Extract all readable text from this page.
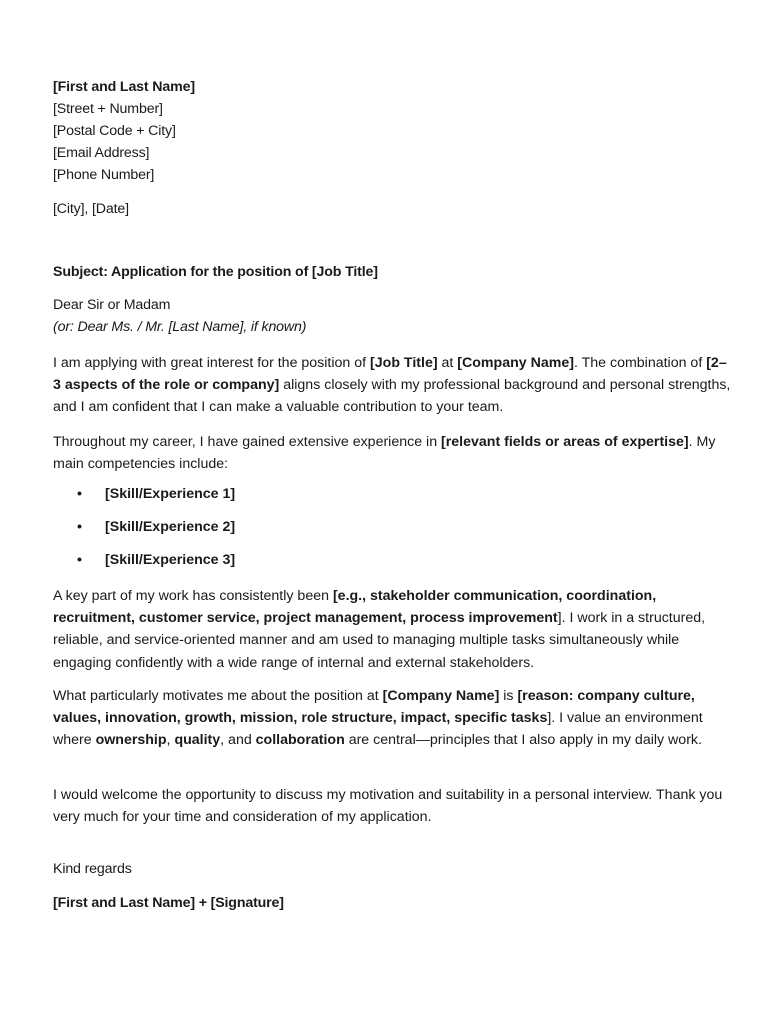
[First and Last Name]
[Street + Number]
[Postal Code + City]
[Email Address]
[Phone Number]
[City], [Date]
Subject: Application for the position of [Job Title]
Dear Sir or Madam
(or: Dear Ms. / Mr. [Last Name], if known)
I am applying with great interest for the position of [Job Title] at [Company Name]. The combination of [2–3 aspects of the role or company] aligns closely with my professional background and personal strengths, and I am confident that I can make a valuable contribution to your team.
Throughout my career, I have gained extensive experience in [relevant fields or areas of expertise]. My main competencies include:
• [Skill/Experience 1]
• [Skill/Experience 2]
• [Skill/Experience 3]
A key part of my work has consistently been [e.g., stakeholder communication, coordination, recruitment, customer service, project management, process improvement]. I work in a structured, reliable, and service-oriented manner and am used to managing multiple tasks simultaneously while engaging confidently with a wide range of internal and external stakeholders.
What particularly motivates me about the position at [Company Name] is [reason: company culture, values, innovation, growth, mission, role structure, impact, specific tasks]. I value an environment where ownership, quality, and collaboration are central—principles that I also apply in my daily work.
I would welcome the opportunity to discuss my motivation and suitability in a personal interview. Thank you very much for your time and consideration of my application.
Kind regards
[First and Last Name] + [Signature]
